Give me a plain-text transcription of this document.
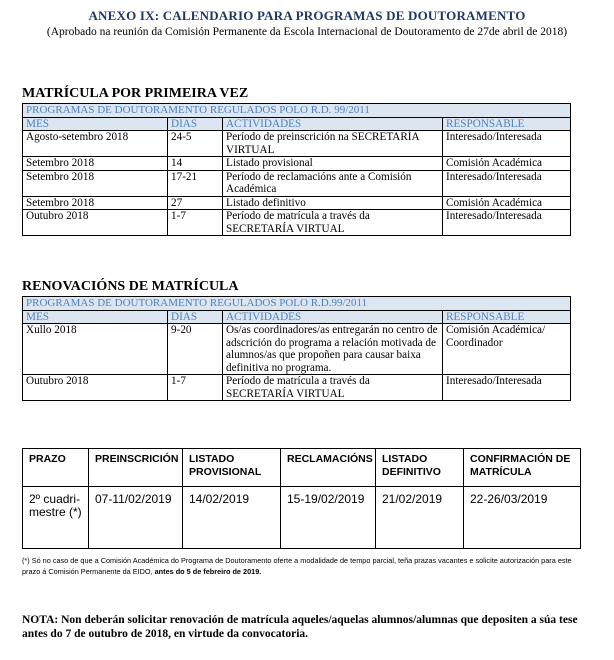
ANEXO IX: CALENDARIO PARA PROGRAMAS DE DOUTORAMENTO
(Aprobado na reunión da Comisión Permanente da Escola Internacional de Doutoramento de 27de abril de 2018)
MATRÍCULA POR PRIMEIRA VEZ
PROGRAMAS DE DOUTORAMENTO REGULADOS POLO R.D. 99/2011			
MES	DIAS	ACTIVIDADES	RESPONSABLE
Agosto-setembro 2018	24-5	Período de preinscrición na SECRETARÍA VIRTUAL	Interesado/Interesada
Setembro 2018	14	Listado provisional	Comisión Académica
Setembro 2018	17-21	Período de reclamacións ante a Comisión Académica	Interesado/Interesada
Setembro 2018	27	Listado definitivo	Comisión Académica
Outubro 2018	1-7	Período de matrícula a través da SECRETARÍA VIRTUAL	Interesado/Interesada
RENOVACIÓNS DE MATRÍCULA
PROGRAMAS DE DOUTORAMENTO REGULADOS POLO R.D.99/2011			
MES	DIAS	ACTIVIDADES	RESPONSABLE
Xullo 2018	9-20	Os/as coordinadores/as entregarán no centro de adscrición do programa a relación motivada de alumnos/as que propoñen para causar baixa definitiva no programa.	Comisión Académica/ Coordinador
Outubro 2018	1-7	Período de matrícula a través da SECRETARÍA VIRTUAL	Interesado/Interesada
PRAZO	PREINSCRICIÓN	LISTADO PROVISIONAL	RECLAMACIÓNS	LISTADO DEFINITIVO	CONFIRMACIÓN DE MATRÍCULA
2º cuadri-mestre (*)	07-11/02/2019	14/02/2019	15-19/02/2019	21/02/2019	22-26/03/2019
(*) Só no caso de que a Comisión Académica do Programa de Doutoramento oferte a modalidade de tempo parcial, teña prazas vacantes e solicite autorización para este prazo á Comisión Permanente da EIDO, antes do 5 de febreiro de 2019.
NOTA: Non deberán solicitar renovación de matrícula aqueles/aquelas alumnos/alumnas que depositen a súa tese antes do 7 de outubro de 2018, en virtude da convocatoria.
